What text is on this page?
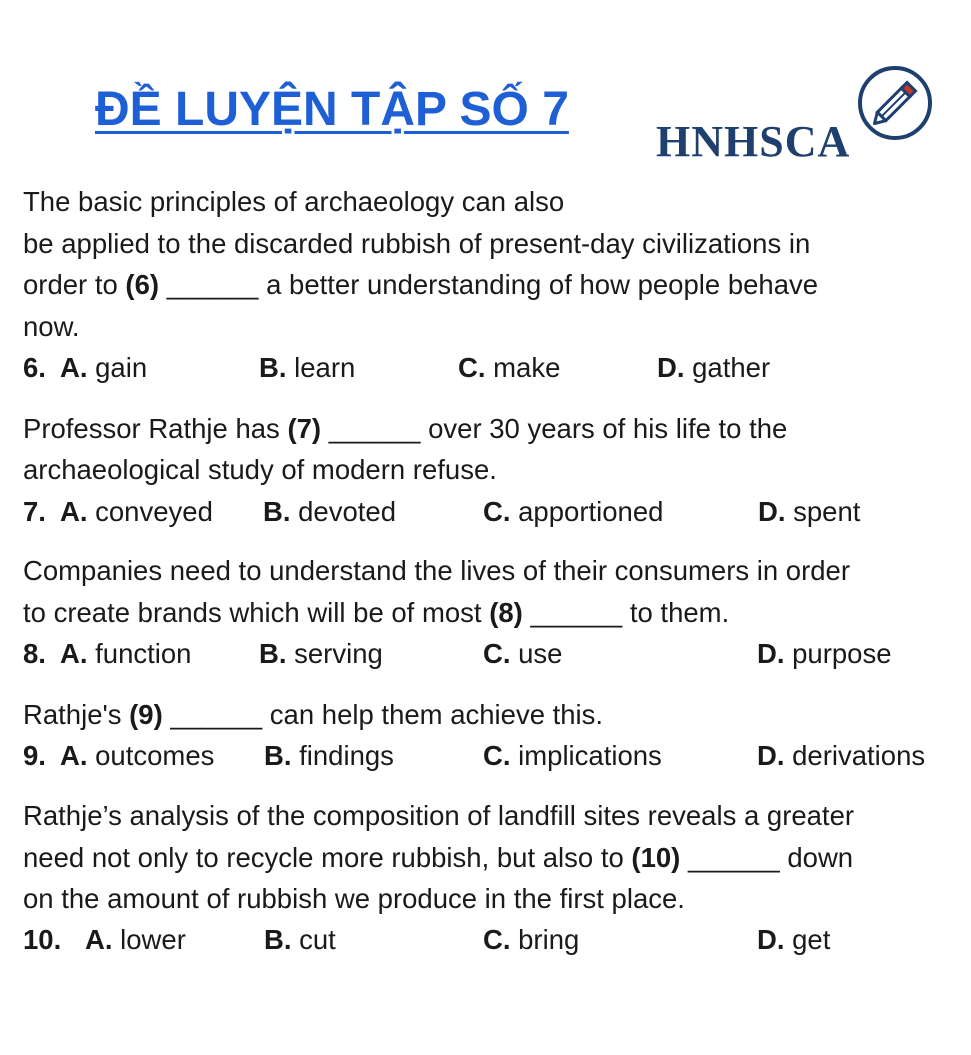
ĐỀ LUYỆN TẬP SỐ 7
HNHSCA
The basic principles of archaeology can also
be applied to the discarded rubbish of present-day civilizations in
order to (6) ______ a better understanding of how people behave
now.
6. A. gain	B. learn	C. make	D. gather
Professor Rathje has (7) ______ over 30 years of his life to the
archaeological study of modern refuse.
7. A. conveyed B. devoted	C. apportioned	D. spent
Companies need to understand the lives of their consumers in order
to create brands which will be of most (8) ______ to them.
8. A. function B. serving	C. use	D. purpose
Rathje's (9) ______ can help them achieve this.
9. A. outcomes B. findings	C. implications	D. derivations
Rathje’s analysis of the composition of landfill sites reveals a greater
need not only to recycle more rubbish, but also to (10) ______ down
on the amount of rubbish we produce in the first place.
10. A. lower	B. cut	C. bring	D. get
